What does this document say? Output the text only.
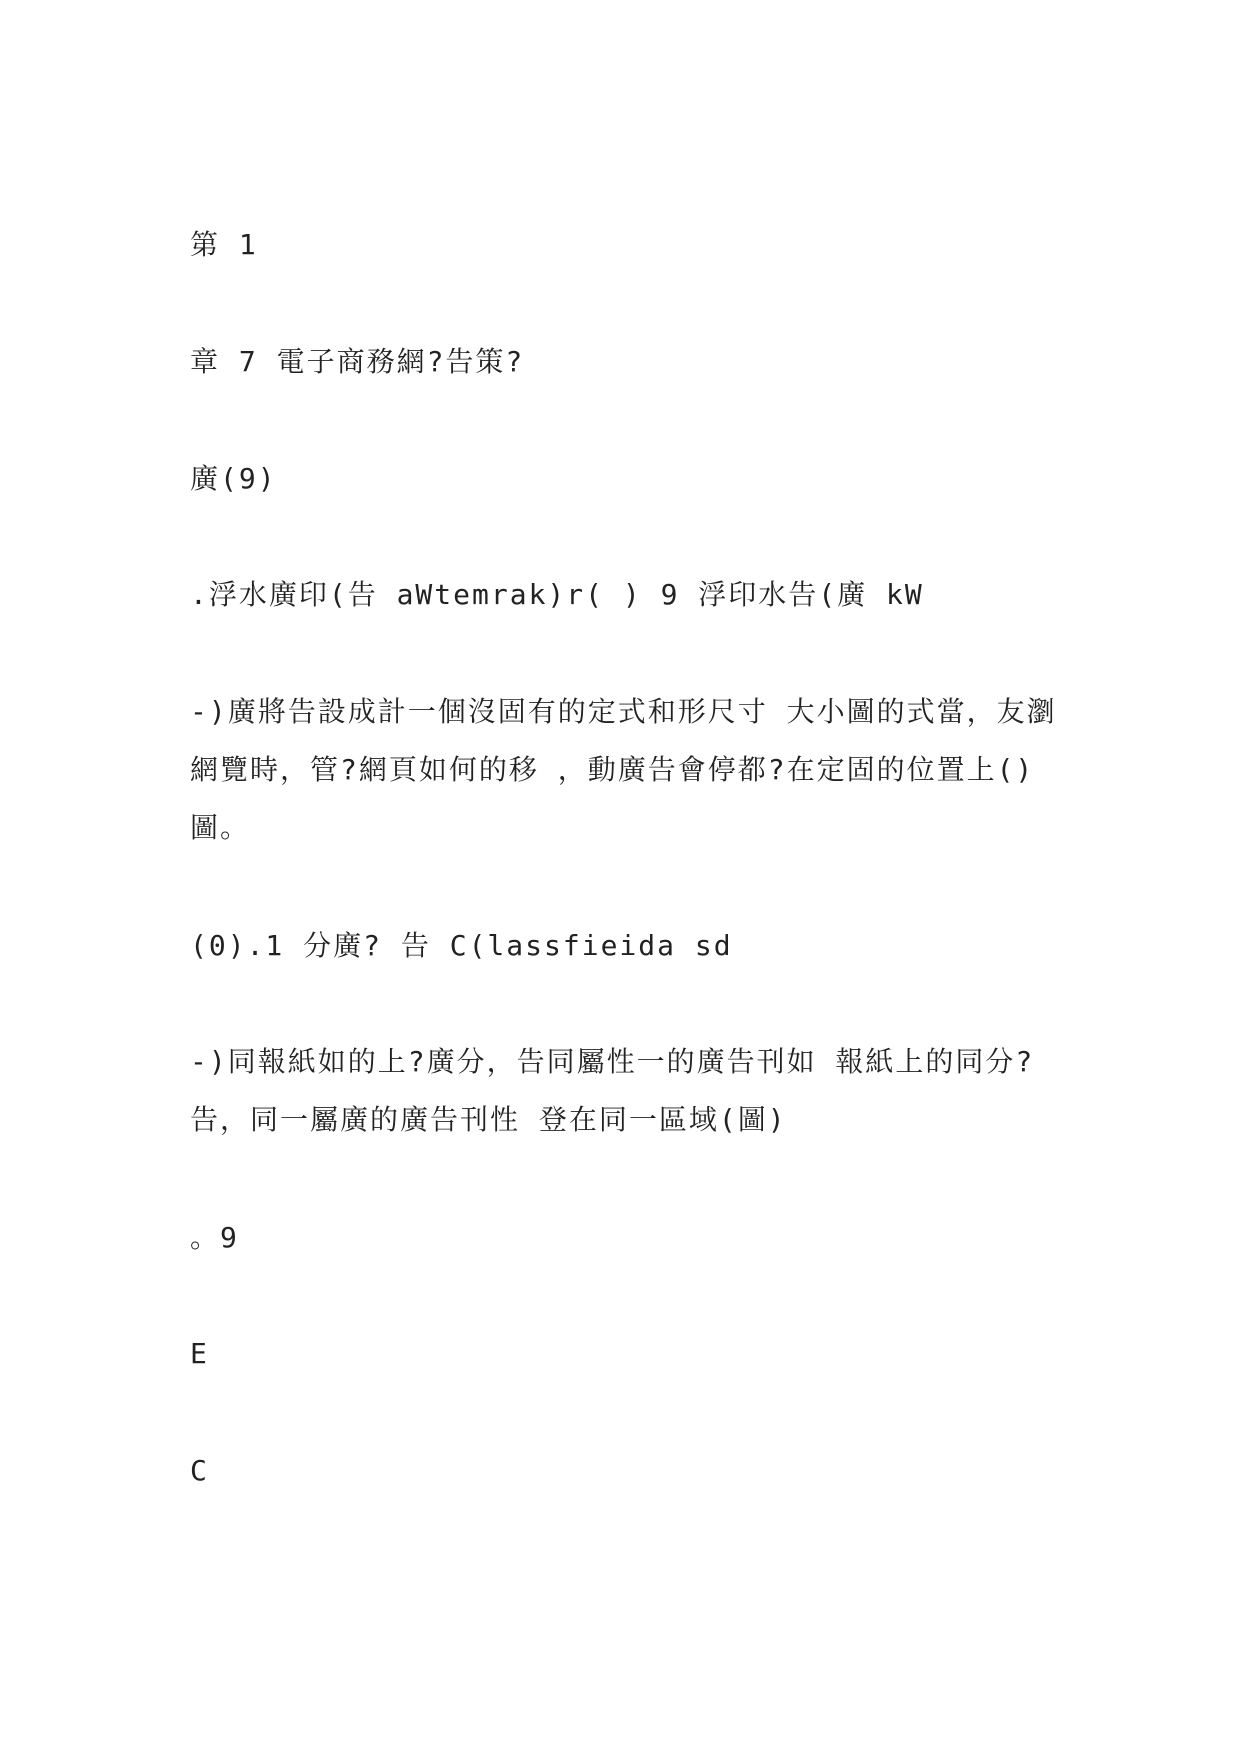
第 1

章 7 電子商務網?告策?

廣(9)

.浮水廣印(告 aWtemrak)r( ) 9 浮印水告(廣 kW

-)廣將告設成計一個沒固有的定式和形尺寸 大小圖的式當，友瀏網覽時，管?網頁如何的移 ，動廣告會停都?在定固的位置上()圖。

(0).1 分廣? 告 C(lassfieida sd

-)同報紙如的上?廣分，告同屬性一的廣告刊如 報紙上的同分?告，同一屬廣的廣告刊性 登在同一區域(圖)

。9

E

C
